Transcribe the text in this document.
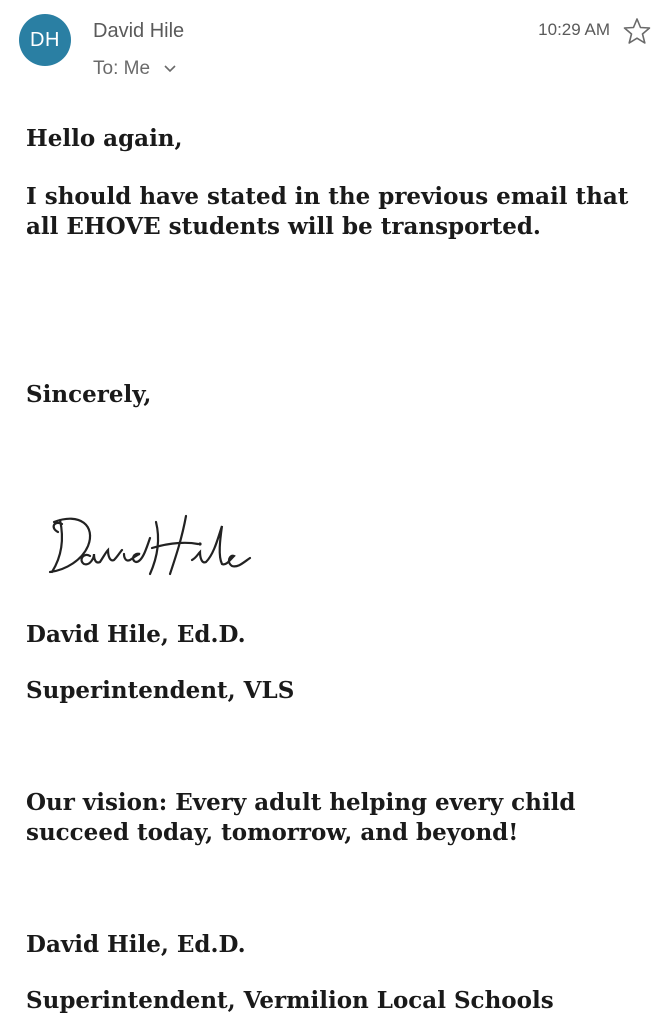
DH	David Hile
To: Me
10:29 AM

Hello again,

I should have stated in the previous email that all EHOVE students will be transported.

Sincerely,

David Hile, Ed.D.

Superintendent, VLS

Our vision: Every adult helping every child succeed today, tomorrow, and beyond!

David Hile, Ed.D.

Superintendent, Vermilion Local Schools
